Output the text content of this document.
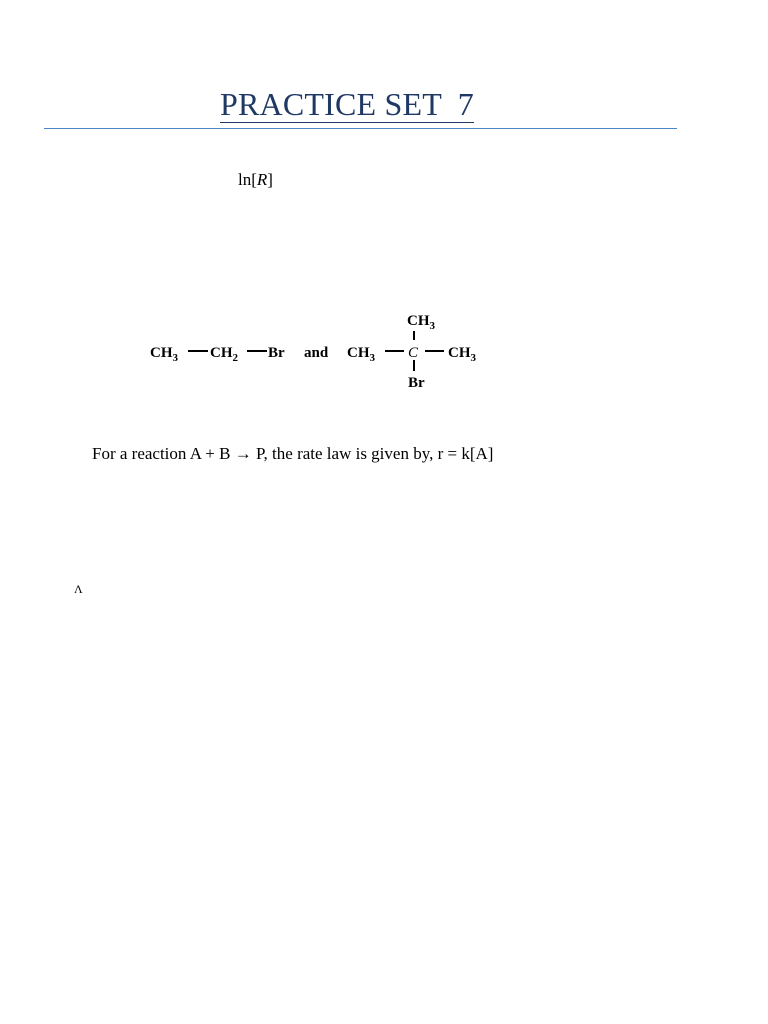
PRACTICE SET  7
ln[R]
$CH_3$ $CH_2$ Br and
$CH_3$
$CH_3$ C $CH_3$
Br
For a reaction A + B → P, the rate law is given by, r = k[A]
Λ
